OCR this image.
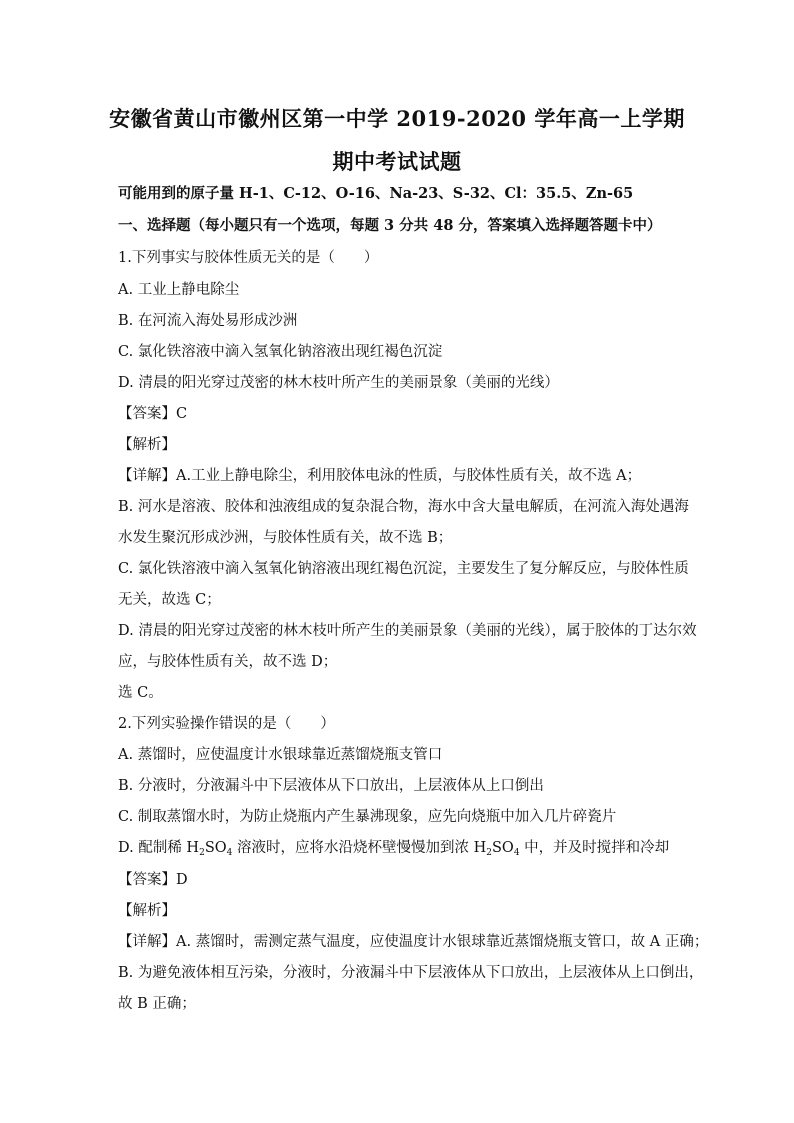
安徽省黄山市徽州区第一中学 2019-2020 学年高一上学期
期中考试试题
可能用到的原子量 H-1、C-12、O-16、Na-23、S-32、Cl：35.5、Zn-65
一、选择题（每小题只有一个选项，每题 3 分共 48 分，答案填入选择题答题卡中）
1.下列事实与胶体性质无关的是（　　）
A. 工业上静电除尘
B. 在河流入海处易形成沙洲
C. 氯化铁溶液中滴入氢氧化钠溶液出现红褐色沉淀
D. 清晨的阳光穿过茂密的林木枝叶所产生的美丽景象（美丽的光线）
【答案】C
【解析】
【详解】A.工业上静电除尘，利用胶体电泳的性质，与胶体性质有关，故不选 A；
B. 河水是溶液、胶体和浊液组成的复杂混合物，海水中含大量电解质，在河流入海处遇海
水发生聚沉形成沙洲，与胶体性质有关，故不选 B；
C. 氯化铁溶液中滴入氢氧化钠溶液出现红褐色沉淀，主要发生了复分解反应，与胶体性质
无关，故选 C；
D. 清晨的阳光穿过茂密的林木枝叶所产生的美丽景象（美丽的光线），属于胶体的丁达尔效
应，与胶体性质有关，故不选 D；
选 C。
2.下列实验操作错误的是（　　）
A. 蒸馏时，应使温度计水银球靠近蒸馏烧瓶支管口
B. 分液时，分液漏斗中下层液体从下口放出，上层液体从上口倒出
C. 制取蒸馏水时，为防止烧瓶内产生暴沸现象，应先向烧瓶中加入几片碎瓷片
D. 配制稀 $H_2SO_4$ 溶液时，应将水沿烧杯壁慢慢加到浓 $H_2SO_4$ 中，并及时搅拌和冷却
【答案】D
【解析】
【详解】A. 蒸馏时，需测定蒸气温度，应使温度计水银球靠近蒸馏烧瓶支管口，故 A 正确；
B. 为避免液体相互污染，分液时，分液漏斗中下层液体从下口放出，上层液体从上口倒出，
故 B 正确；
